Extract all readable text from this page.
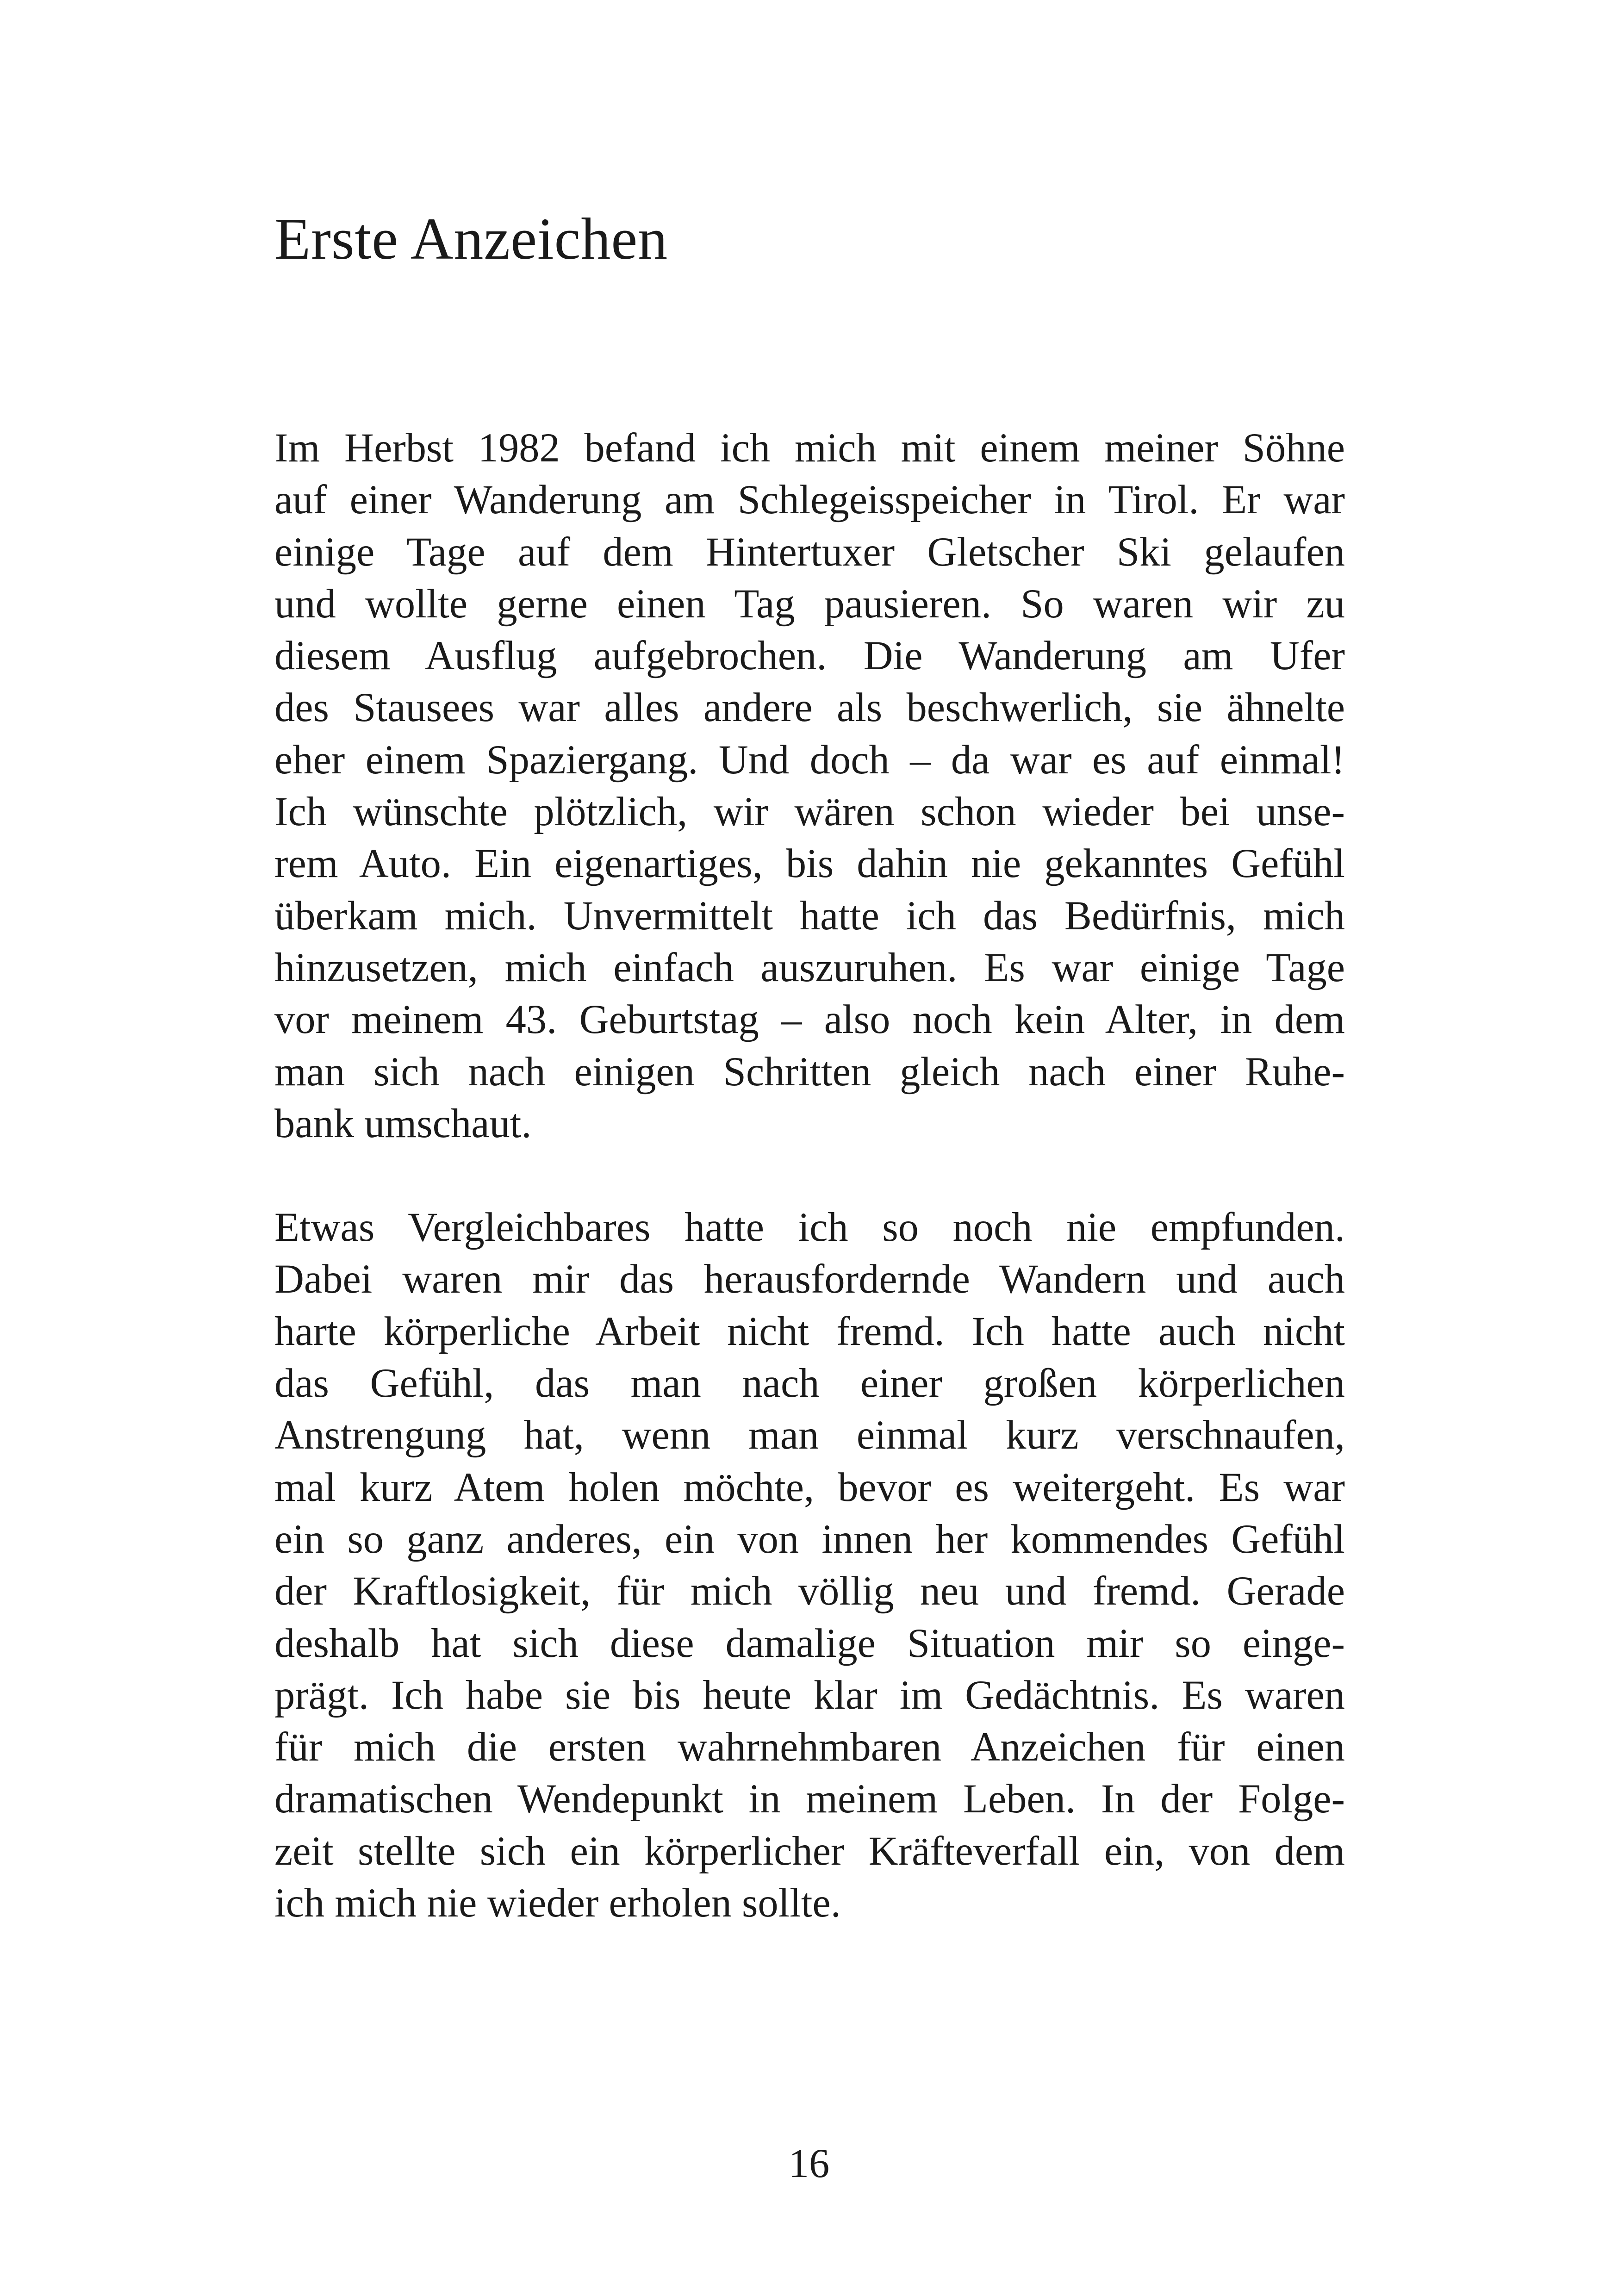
Erste Anzeichen

Im Herbst 1982 befand ich mich mit einem meiner Söhne
auf einer Wanderung am Schlegeisspeicher in Tirol. Er war
einige Tage auf dem Hintertuxer Gletscher Ski gelaufen
und wollte gerne einen Tag pausieren. So waren wir zu
diesem Ausflug aufgebrochen. Die Wanderung am Ufer
des Stausees war alles andere als beschwerlich, sie ähnelte
eher einem Spaziergang. Und doch – da war es auf einmal!
Ich wünschte plötzlich, wir wären schon wieder bei unse-
rem Auto. Ein eigenartiges, bis dahin nie gekanntes Gefühl
überkam mich. Unvermittelt hatte ich das Bedürfnis, mich
hinzusetzen, mich einfach auszuruhen. Es war einige Tage
vor meinem 43. Geburtstag – also noch kein Alter, in dem
man sich nach einigen Schritten gleich nach einer Ruhe-
bank umschaut.

Etwas Vergleichbares hatte ich so noch nie empfunden.
Dabei waren mir das herausfordernde Wandern und auch
harte körperliche Arbeit nicht fremd. Ich hatte auch nicht
das Gefühl, das man nach einer großen körperlichen
Anstrengung hat, wenn man einmal kurz verschnaufen,
mal kurz Atem holen möchte, bevor es weitergeht. Es war
ein so ganz anderes, ein von innen her kommendes Gefühl
der Kraftlosigkeit, für mich völlig neu und fremd. Gerade
deshalb hat sich diese damalige Situation mir so einge-
prägt. Ich habe sie bis heute klar im Gedächtnis. Es waren
für mich die ersten wahrnehmbaren Anzeichen für einen
dramatischen Wendepunkt in meinem Leben. In der Folge-
zeit stellte sich ein körperlicher Kräfteverfall ein, von dem
ich mich nie wieder erholen sollte.

16
